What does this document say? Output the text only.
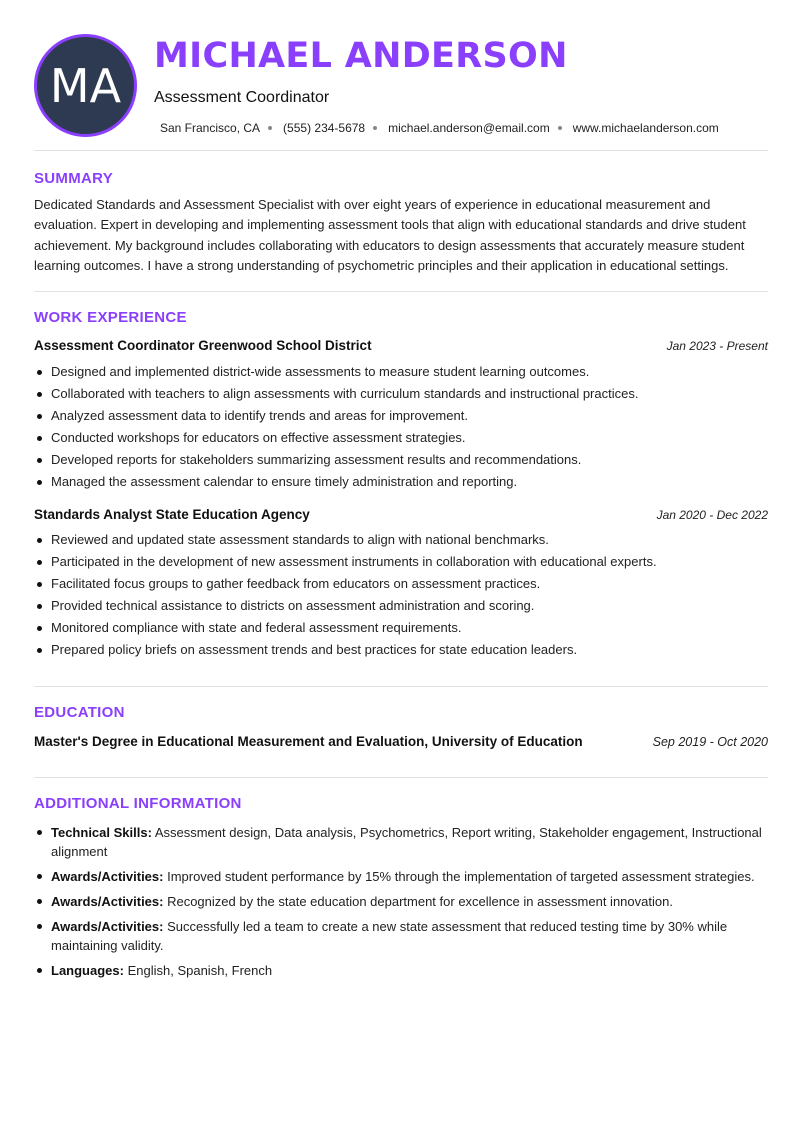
MA
MICHAEL ANDERSON
Assessment Coordinator
San Francisco, CA (555) 234-5678 michael.anderson@email.com www.michaelanderson.com
SUMMARY
Dedicated Standards and Assessment Specialist with over eight years of experience in educational measurement and evaluation. Expert in developing and implementing assessment tools that align with educational standards and drive student achievement. My background includes collaborating with educators to design assessments that accurately measure student learning outcomes. I have a strong understanding of psychometric principles and their application in educational settings.
WORK EXPERIENCE
Assessment Coordinator Greenwood School District	Jan 2023 - Present
Designed and implemented district-wide assessments to measure student learning outcomes.
Collaborated with teachers to align assessments with curriculum standards and instructional practices.
Analyzed assessment data to identify trends and areas for improvement.
Conducted workshops for educators on effective assessment strategies.
Developed reports for stakeholders summarizing assessment results and recommendations.
Managed the assessment calendar to ensure timely administration and reporting.
Standards Analyst State Education Agency	Jan 2020 - Dec 2022
Reviewed and updated state assessment standards to align with national benchmarks.
Participated in the development of new assessment instruments in collaboration with educational experts.
Facilitated focus groups to gather feedback from educators on assessment practices.
Provided technical assistance to districts on assessment administration and scoring.
Monitored compliance with state and federal assessment requirements.
Prepared policy briefs on assessment trends and best practices for state education leaders.
EDUCATION
Master's Degree in Educational Measurement and Evaluation, University of Education	Sep 2019 - Oct 2020
ADDITIONAL INFORMATION
Technical Skills: Assessment design, Data analysis, Psychometrics, Report writing, Stakeholder engagement, Instructional alignment
Awards/Activities: Improved student performance by 15% through the implementation of targeted assessment strategies.
Awards/Activities: Recognized by the state education department for excellence in assessment innovation.
Awards/Activities: Successfully led a team to create a new state assessment that reduced testing time by 30% while maintaining validity.
Languages: English, Spanish, French
